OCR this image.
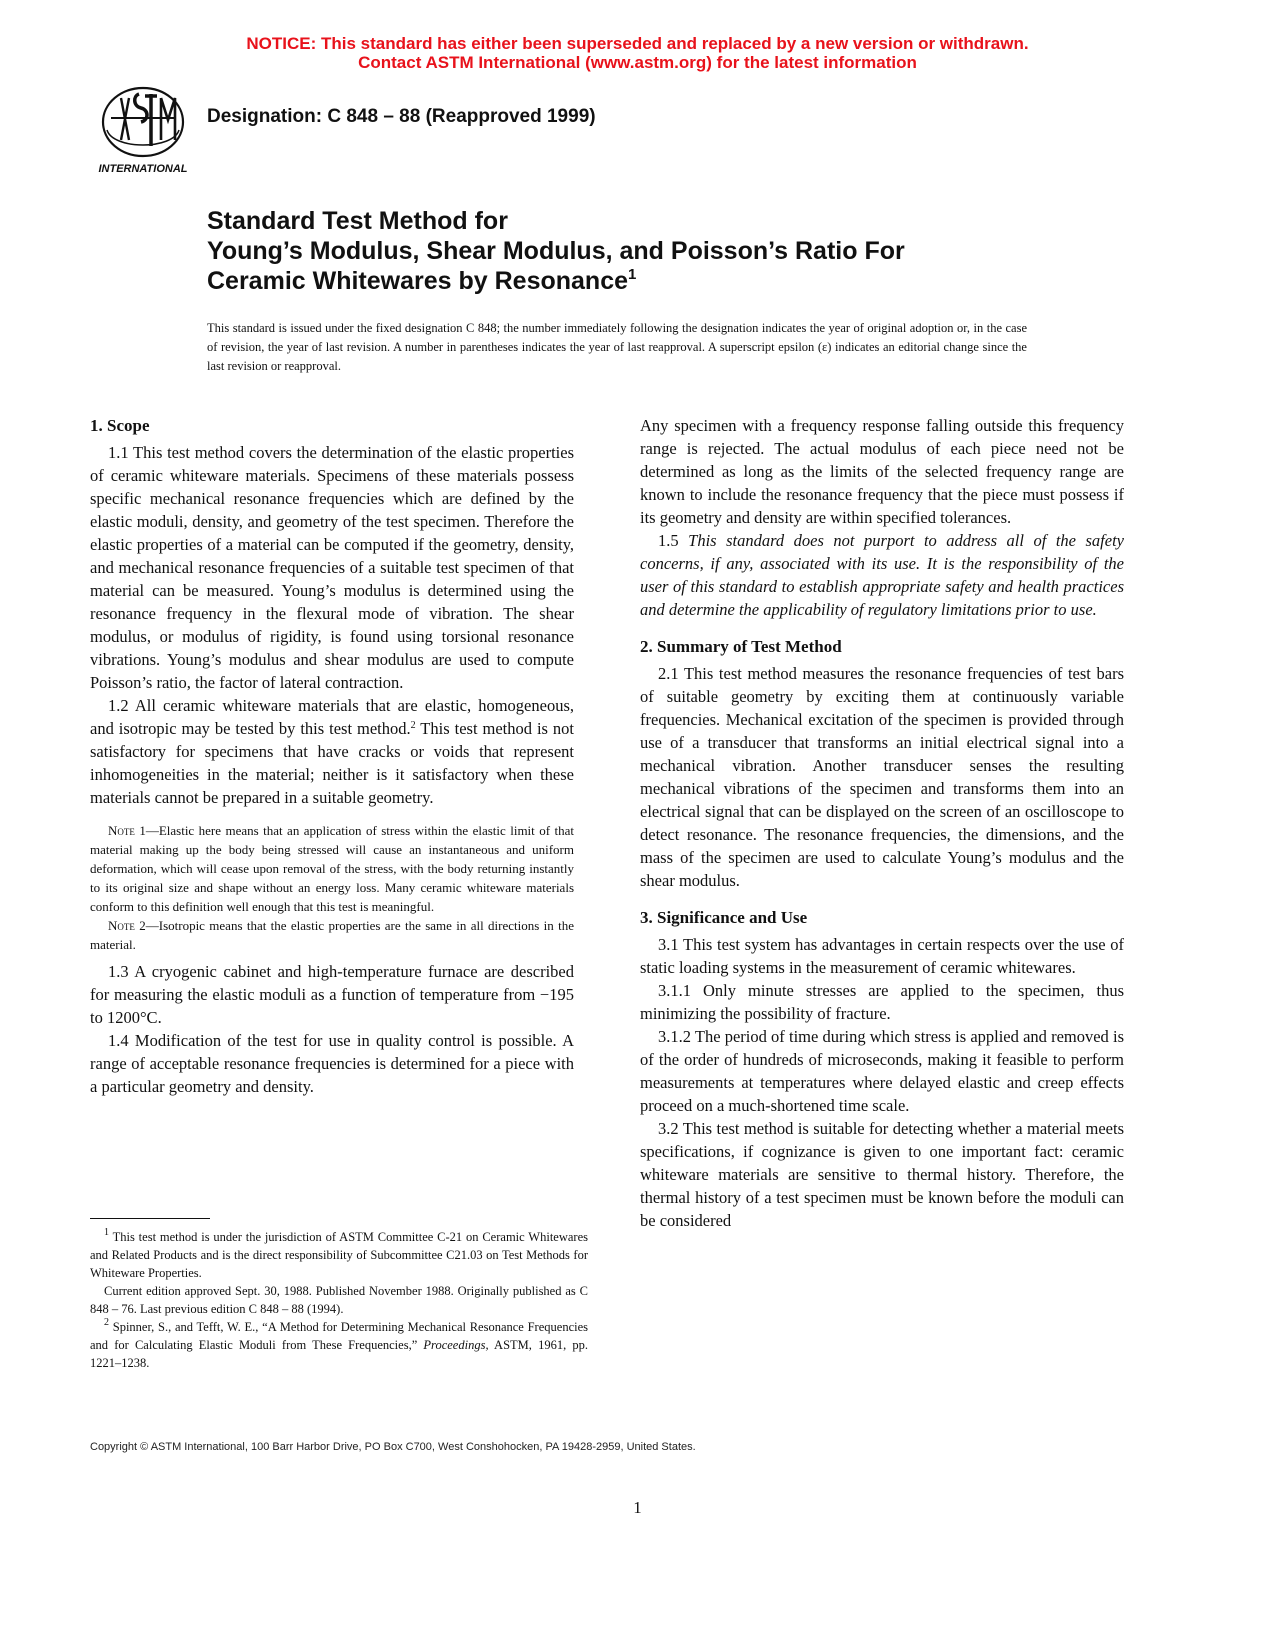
NOTICE: This standard has either been superseded and replaced by a new version or withdrawn.
Contact ASTM International (www.astm.org) for the latest information
INTERNATIONAL
Designation: C 848 – 88 (Reapproved 1999)
Standard Test Method for
Young’s Modulus, Shear Modulus, and Poisson’s Ratio For
Ceramic Whitewares by Resonance$^1$
This standard is issued under the fixed designation C 848; the number immediately following the designation indicates the year of original adoption or, in the case of revision, the year of last revision. A number in parentheses indicates the year of last reapproval. A superscript epsilon (ε) indicates an editorial change since the last revision or reapproval.
1. Scope

1.1 This test method covers the determination of the elastic properties of ceramic whiteware materials. Specimens of these materials possess specific mechanical resonance frequencies which are defined by the elastic moduli, density, and geometry of the test specimen. Therefore the elastic properties of a material can be computed if the geometry, density, and mechanical resonance frequencies of a suitable test specimen of that material can be measured. Young’s modulus is determined using the resonance frequency in the flexural mode of vibration. The shear modulus, or modulus of rigidity, is found using torsional resonance vibrations. Young’s modulus and shear modulus are used to compute Poisson’s ratio, the factor of lateral contraction.

1.2 All ceramic whiteware materials that are elastic, homogeneous, and isotropic may be tested by this test method.$^2$ This test method is not satisfactory for specimens that have cracks or voids that represent inhomogeneities in the material; neither is it satisfactory when these materials cannot be prepared in a suitable geometry.

Note 1—Elastic here means that an application of stress within the elastic limit of that material making up the body being stressed will cause an instantaneous and uniform deformation, which will cease upon removal of the stress, with the body returning instantly to its original size and shape without an energy loss. Many ceramic whiteware materials conform to this definition well enough that this test is meaningful.

Note 2—Isotropic means that the elastic properties are the same in all directions in the material.

1.3 A cryogenic cabinet and high-temperature furnace are described for measuring the elastic moduli as a function of temperature from −195 to 1200°C.

1.4 Modification of the test for use in quality control is possible. A range of acceptable resonance frequencies is determined for a piece with a particular geometry and density.

Any specimen with a frequency response falling outside this frequency range is rejected. The actual modulus of each piece need not be determined as long as the limits of the selected frequency range are known to include the resonance frequency that the piece must possess if its geometry and density are within specified tolerances.

1.5 This standard does not purport to address all of the safety concerns, if any, associated with its use. It is the responsibility of the user of this standard to establish appropriate safety and health practices and determine the applicability of regulatory limitations prior to use.

2. Summary of Test Method

2.1 This test method measures the resonance frequencies of test bars of suitable geometry by exciting them at continuously variable frequencies. Mechanical excitation of the specimen is provided through use of a transducer that transforms an initial electrical signal into a mechanical vibration. Another transducer senses the resulting mechanical vibrations of the specimen and transforms them into an electrical signal that can be displayed on the screen of an oscilloscope to detect resonance. The resonance frequencies, the dimensions, and the mass of the specimen are used to calculate Young’s modulus and the shear modulus.

3. Significance and Use

3.1 This test system has advantages in certain respects over the use of static loading systems in the measurement of ceramic whitewares.

3.1.1 Only minute stresses are applied to the specimen, thus minimizing the possibility of fracture.

3.1.2 The period of time during which stress is applied and removed is of the order of hundreds of microseconds, making it feasible to perform measurements at temperatures where delayed elastic and creep effects proceed on a much-shortened time scale.

3.2 This test method is suitable for detecting whether a material meets specifications, if cognizance is given to one important fact: ceramic whiteware materials are sensitive to thermal history. Therefore, the thermal history of a test specimen must be known before the moduli can be considered

$^1$ This test method is under the jurisdiction of ASTM Committee C-21 on Ceramic Whitewares and Related Products and is the direct responsibility of Subcommittee C21.03 on Test Methods for Whiteware Properties.

Current edition approved Sept. 30, 1988. Published November 1988. Originally published as C 848 – 76. Last previous edition C 848 – 88 (1994).

$^2$ Spinner, S., and Tefft, W. E., “A Method for Determining Mechanical Resonance Frequencies and for Calculating Elastic Moduli from These Frequencies,” Proceedings, ASTM, 1961, pp. 1221–1238.

Copyright © ASTM International, 100 Barr Harbor Drive, PO Box C700, West Conshohocken, PA 19428-2959, United States.
1
